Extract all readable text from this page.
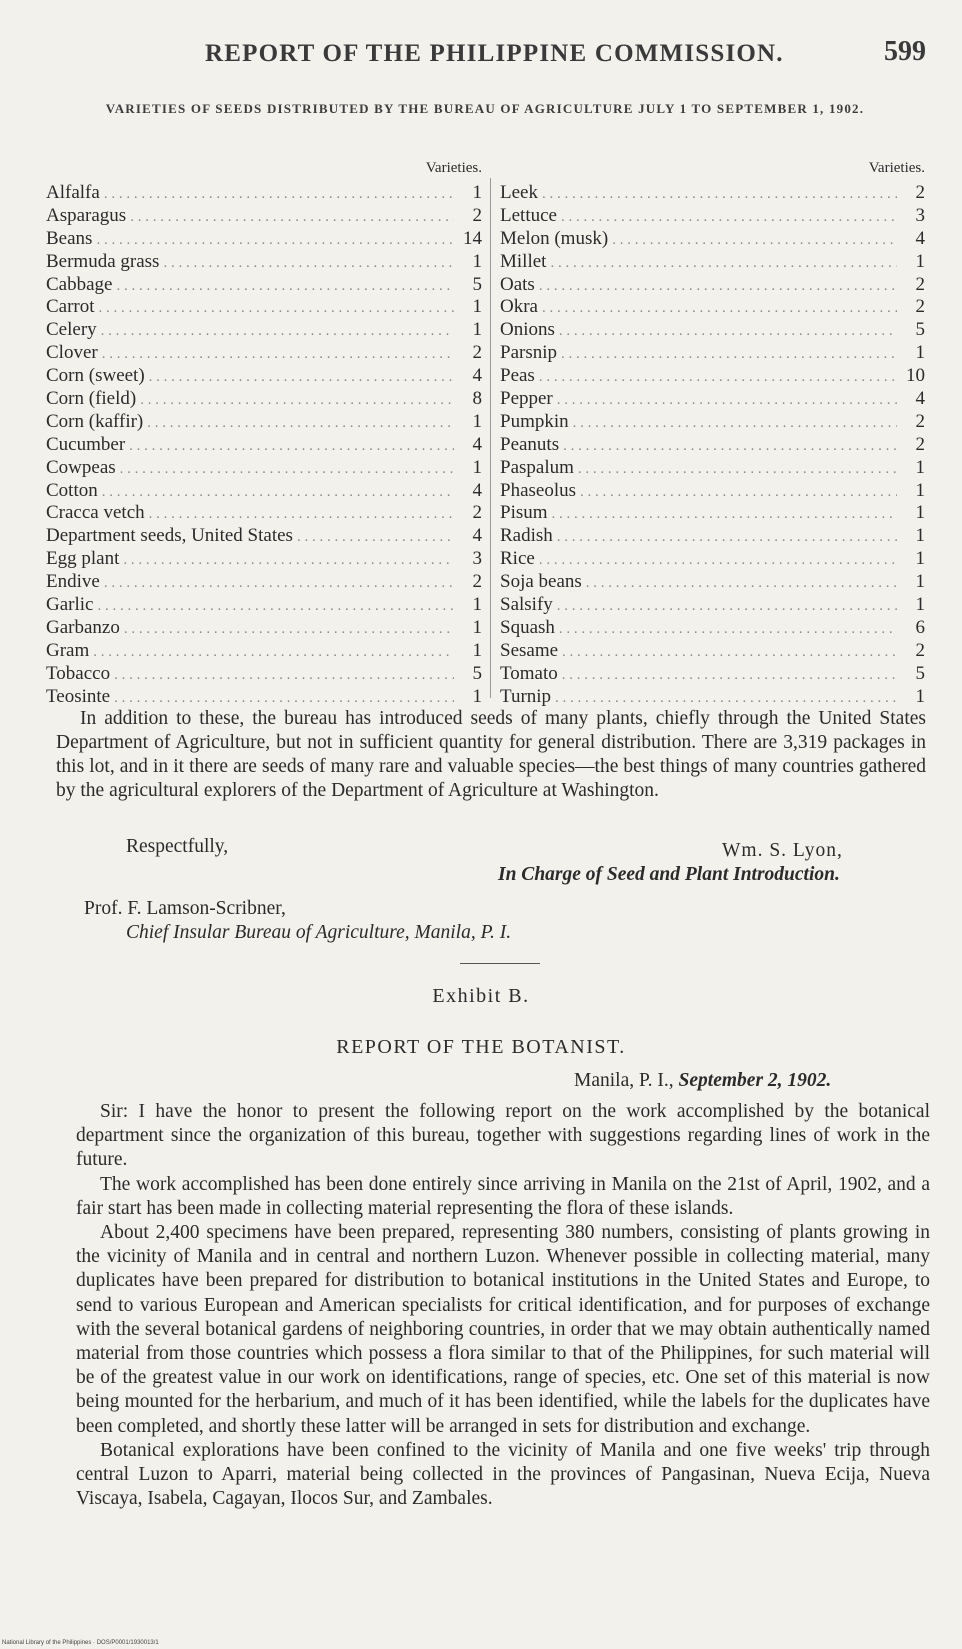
REPORT OF THE PHILIPPINE COMMISSION.	599
VARIETIES OF SEEDS DISTRIBUTED BY THE BUREAU OF AGRICULTURE JULY 1 TO SEPTEMBER 1, 1902.
Varieties.
Alfalfa . . .	1
Asparagus . . .	2
Beans . . .	14
Bermuda grass . . .	1
Cabbage . . .	5
Carrot . . .	1
Celery . . .	1
Clover . . .	2
Corn (sweet) . . .	4
Corn (field) . . .	8
Corn (kaffir) . . .	1
Cucumber . . .	4
Cowpeas . . .	1
Cotton . . .	4
Cracca vetch . . .	2
Department seeds, United States . . .	4
Egg plant . . .	3
Endive . . .	2
Garlic . . .	1
Garbanzo . . .	1
Gram . . .	1
Tobacco . . .	5
Teosinte . . .	1
Varieties.
Leek . . .	2
Lettuce . . .	3
Melon (musk) . . .	4
Millet . . .	1
Oats . . .	2
Okra . . .	2
Onions . . .	5
Parsnip . . .	1
Peas . . .	10
Pepper . . .	4
Pumpkin . . .	2
Peanuts . . .	2
Paspalum . . .	1
Phaseolus . . .	1
Pisum . . .	1
Radish . . .	1
Rice . . .	1
Soja beans . . .	1
Salsify . . .	1
Squash . . .	6
Sesame . . .	2
Tomato . . .	5
Turnip . . .	1
In addition to these, the bureau has introduced seeds of many plants, chiefly through the United States Department of Agriculture, but not in sufficient quantity for general distribution. There are 3,319 packages in this lot, and in it there are seeds of many rare and valuable species—the best things of many countries gathered by the agricultural explorers of the Department of Agriculture at Washington.
Respectfully,	Wm. S. Lyon,
In Charge of Seed and Plant Introduction.
Prof. F. Lamson-Scribner,
Chief Insular Bureau of Agriculture, Manila, P. I.
Exhibit B.
REPORT OF THE BOTANIST.
Manila, P. I., September 2, 1902.

Sir: I have the honor to present the following report on the work accomplished by the botanical department since the organization of this bureau, together with suggestions regarding lines of work in the future.

The work accomplished has been done entirely since arriving in Manila on the 21st of April, 1902, and a fair start has been made in collecting material representing the flora of these islands.

About 2,400 specimens have been prepared, representing 380 numbers, consisting of plants growing in the vicinity of Manila and in central and northern Luzon. Whenever possible in collecting material, many duplicates have been prepared for distribution to botanical institutions in the United States and Europe, to send to various European and American specialists for critical identification, and for purposes of exchange with the several botanical gardens of neighboring countries, in order that we may obtain authentically named material from those countries which possess a flora similar to that of the Philippines, for such material will be of the greatest value in our work on identifications, range of species, etc. One set of this material is now being mounted for the herbarium, and much of it has been identified, while the labels for the duplicates have been completed, and shortly these latter will be arranged in sets for distribution and exchange.

Botanical explorations have been confined to the vicinity of Manila and one five weeks' trip through central Luzon to Aparri, material being collected in the provinces of Pangasinan, Nueva Ecija, Nueva Viscaya, Isabela, Cagayan, Ilocos Sur, and Zambales.

National Library of the Philippines · DOS/P0001/1930013/1
